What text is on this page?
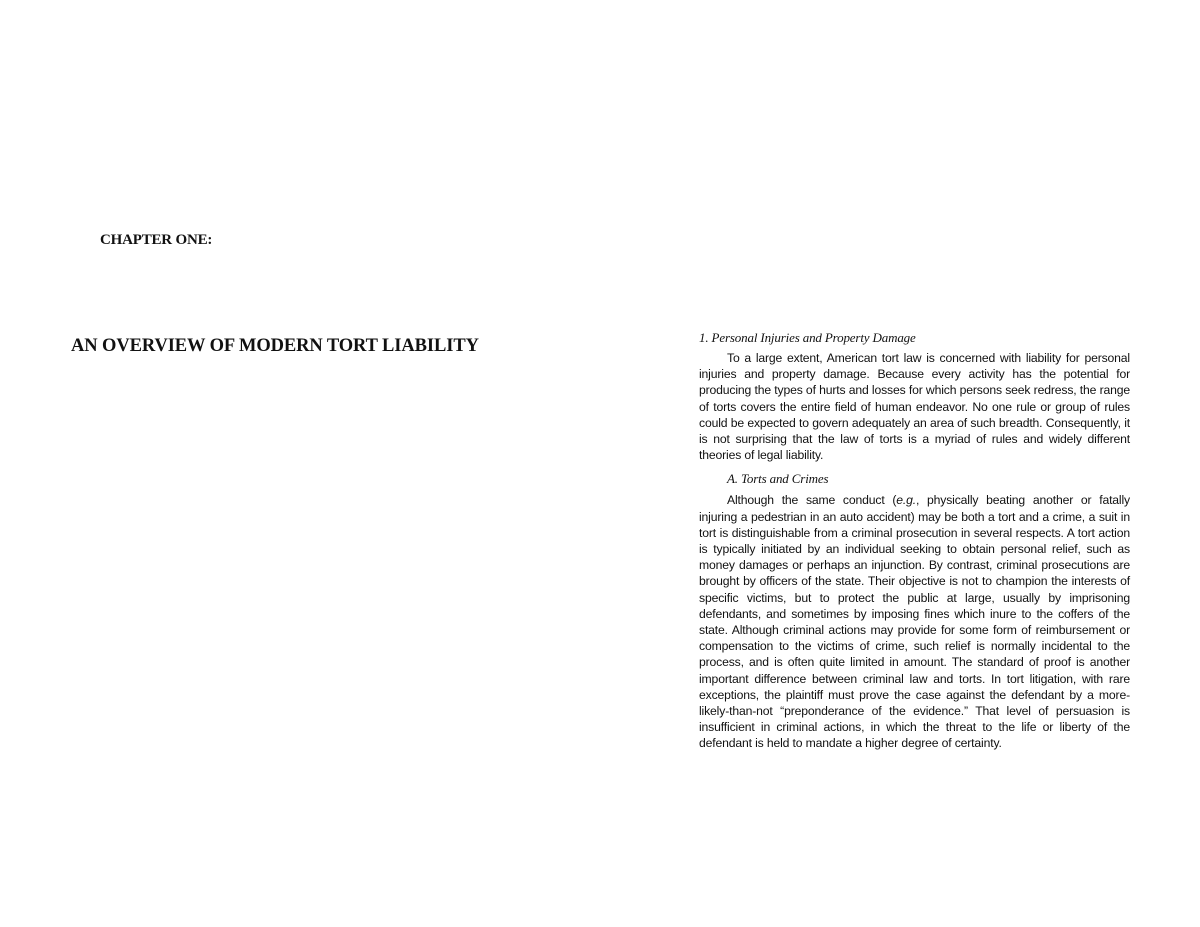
CHAPTER ONE:
AN OVERVIEW OF MODERN TORT LIABILITY	1. Personal Injuries and Property Damage

To a large extent, American tort law is concerned with liability for personal injuries and property damage. Because every activity has the potential for producing the types of hurts and losses for which persons seek redress, the range of torts covers the entire field of human endeavor. No one rule or group of rules could be expected to govern adequately an area of such breadth. Consequently, it is not surprising that the law of torts is a myriad of rules and widely different theories of legal liability.

A. Torts and Crimes

Although the same conduct (e.g., physically beating another or fatally injuring a pedestrian in an auto accident) may be both a tort and a crime, a suit in tort is distinguishable from a criminal prosecution in several respects. A tort action is typically initiated by an individual seeking to obtain personal relief, such as money damages or perhaps an injunction. By contrast, criminal prosecutions are brought by officers of the state. Their objective is not to champion the interests of specific victims, but to protect the public at large, usually by imprisoning defendants, and sometimes by imposing fines which inure to the coffers of the state. Although criminal actions may provide for some form of reimbursement or compensation to the victims of crime, such relief is normally incidental to the process, and is often quite limited in amount. The standard of proof is another important difference between criminal law and torts. In tort litigation, with rare exceptions, the plaintiff must prove the case against the defendant by a more-likely-than-not “preponderance of the evidence.” That level of persuasion is insufficient in criminal actions, in which the threat to the life or liberty of the defendant is held to mandate a higher degree of certainty.
